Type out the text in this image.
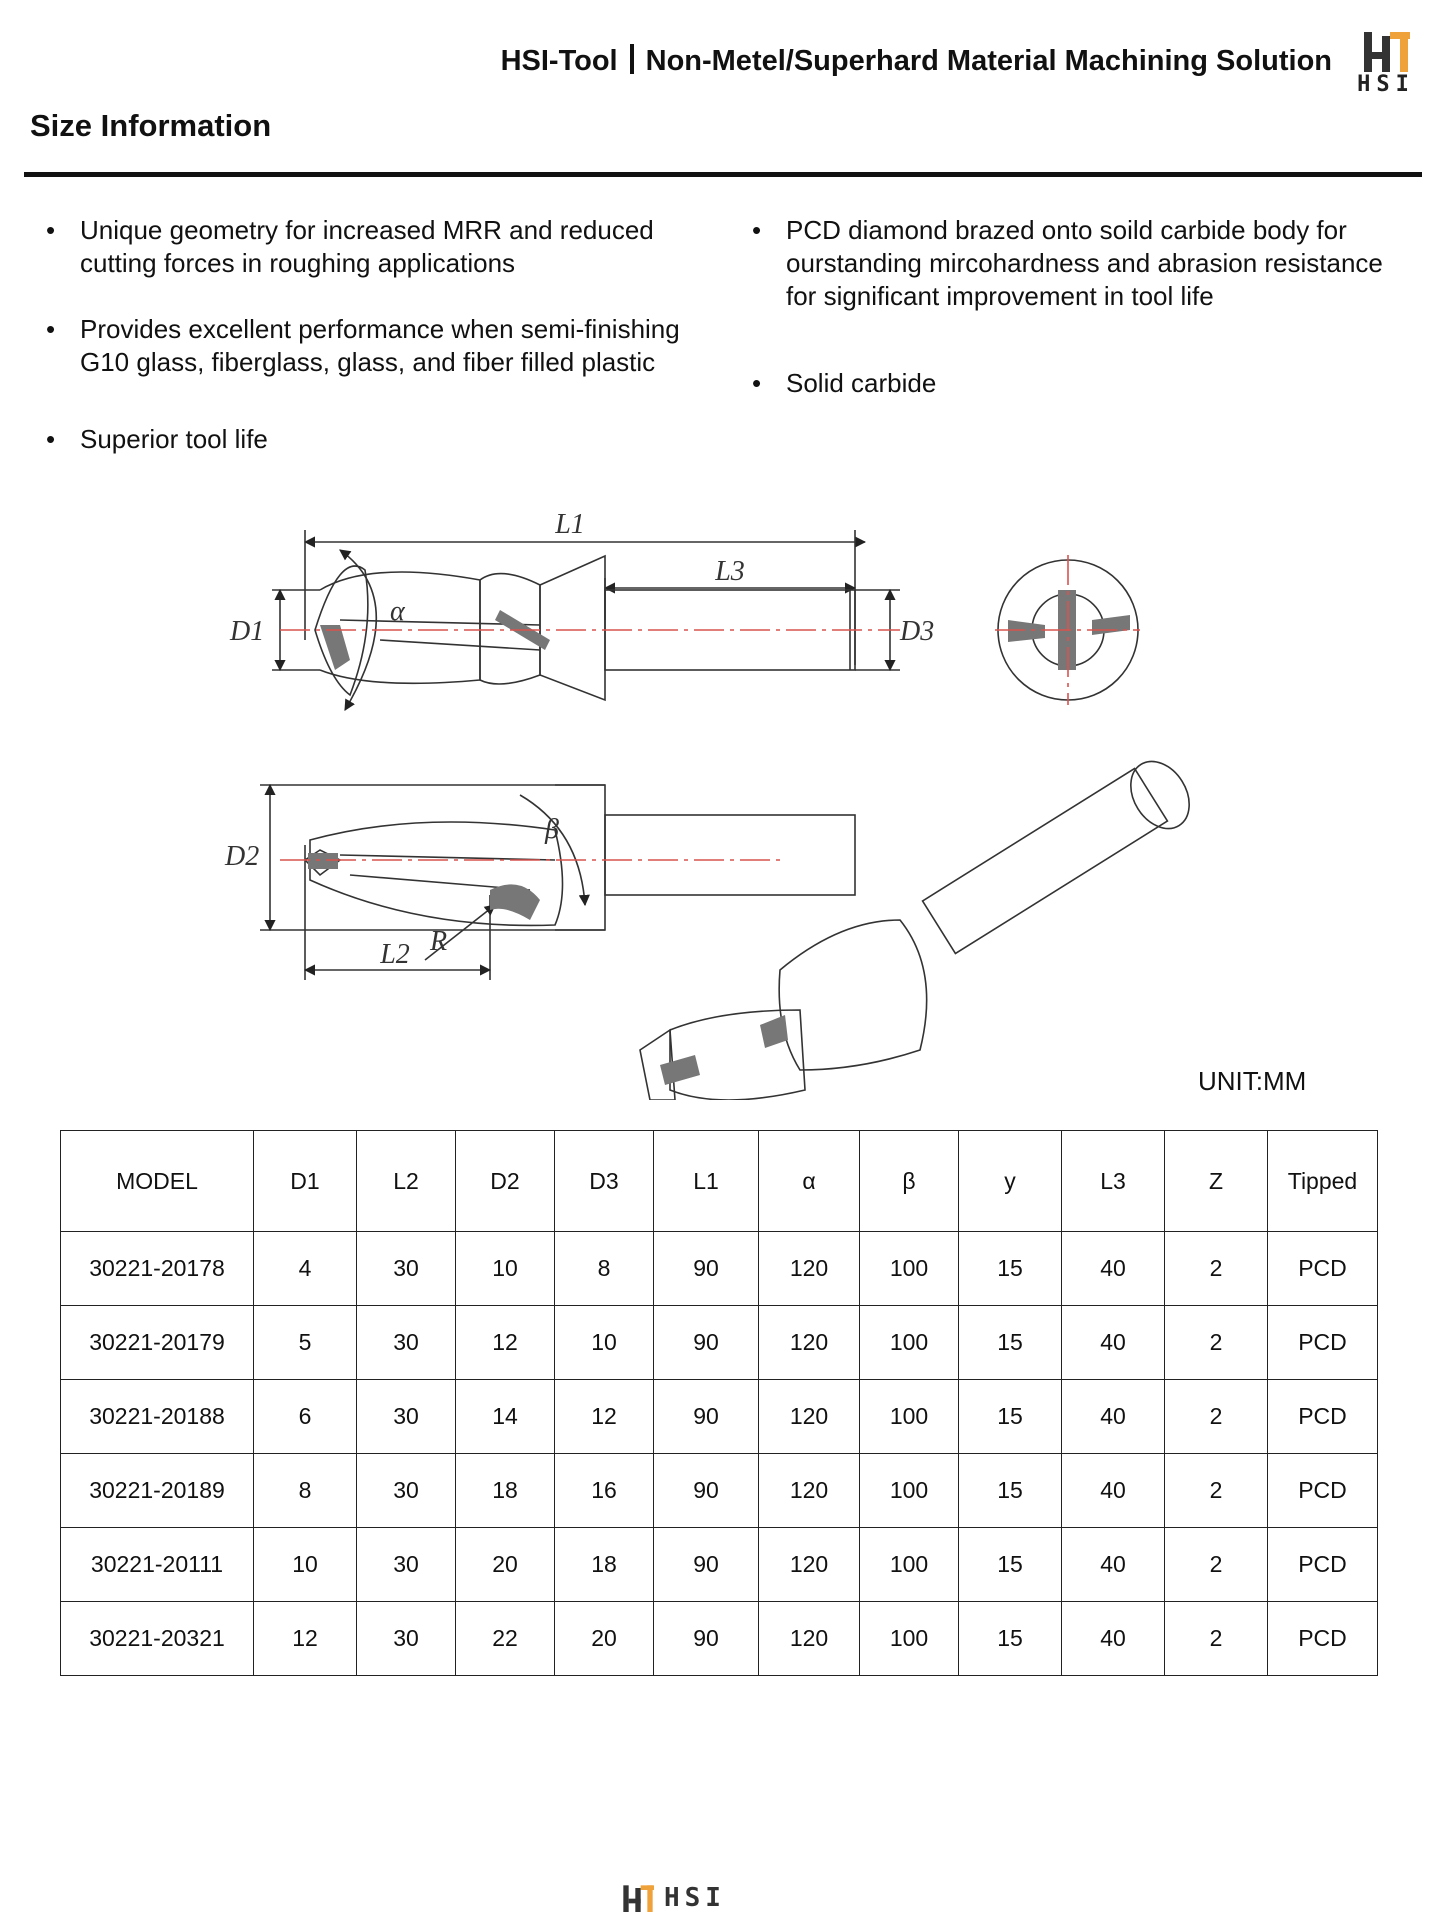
HSI-Tool Non-Metel/Superhard Material Machining Solution
HSI
Size Information
• Unique geometry for increased MRR and reduced cutting forces in roughing applications
• Provides excellent performance when semi-finishing G10 glass, fiberglass, glass, and fiber filled plastic
• Superior tool life
• PCD diamond brazed onto soild carbide body for ourstanding mircohardness and abrasion resistance for significant improvement in tool life
• Solid carbide
L1
L3
D1	D3
α
D2
β
R
L2
UNIT:MM
MODEL	D1	L2	D2	D3	L1	α	β	y	L3	Z	Tipped
30221-20178	4	30	10	8	90	120	100	15	40	2	PCD
30221-20179	5	30	12	10	90	120	100	15	40	2	PCD
30221-20188	6	30	14	12	90	120	100	15	40	2	PCD
30221-20189	8	30	18	16	90	120	100	15	40	2	PCD
30221-20111	10	30	20	18	90	120	100	15	40	2	PCD
30221-20321	12	30	22	20	90	120	100	15	40	2	PCD
HSI
